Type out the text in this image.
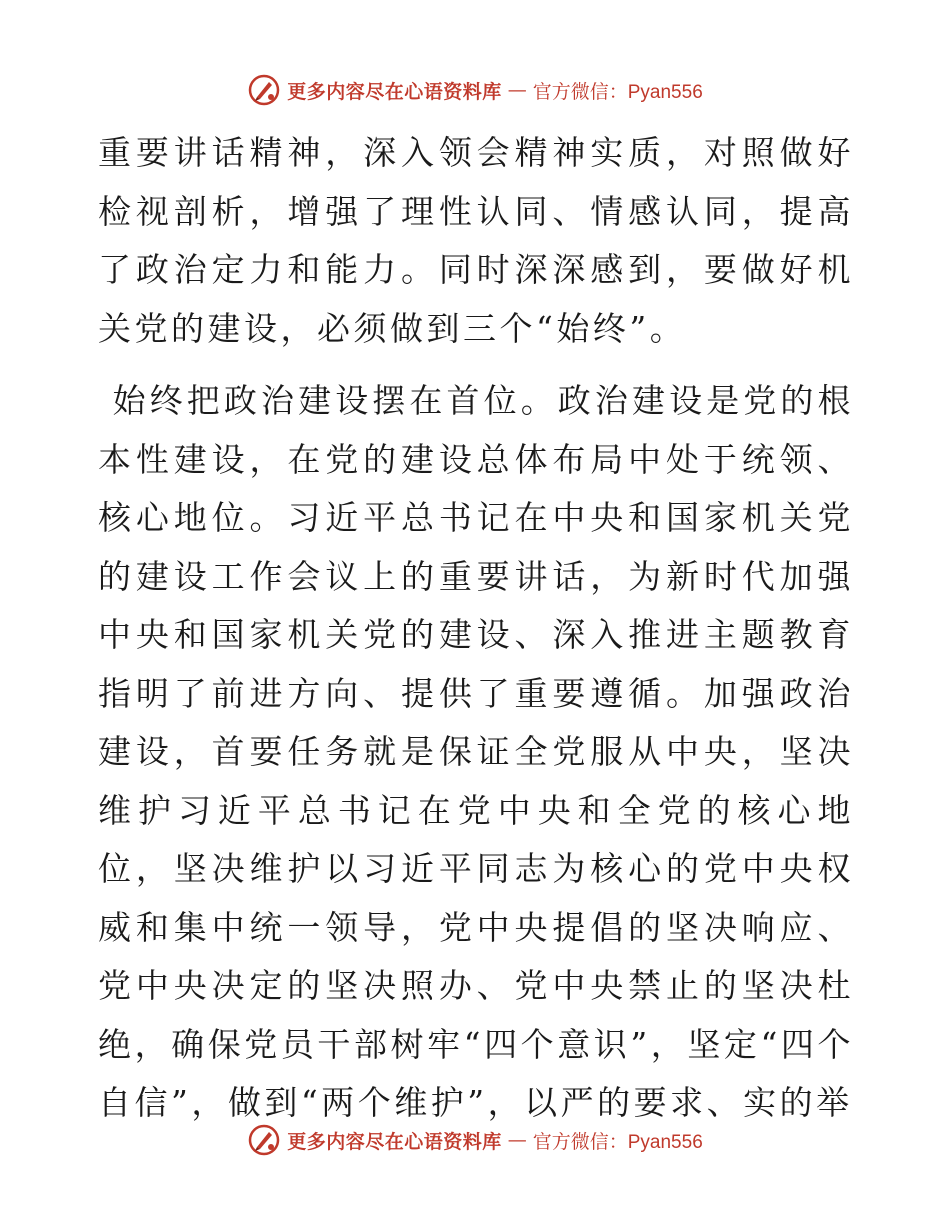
更多内容尽在心语资料库 — 官方微信：Pyan556

重要讲话精神，深入领会精神实质，对照做好检视剖析，增强了理性认同、情感认同，提高了政治定力和能力。同时深深感到，要做好机关党的建设，必须做到三个“始终”。

始终把政治建设摆在首位。政治建设是党的根本性建设，在党的建设总体布局中处于统领、核心地位。习近平总书记在中央和国家机关党的建设工作会议上的重要讲话，为新时代加强中央和国家机关党的建设、深入推进主题教育指明了前进方向、提供了重要遵循。加强政治建设，首要任务就是保证全党服从中央，坚决维护习近平总书记在党中央和全党的核心地位，坚决维护以习近平同志为核心的党中央权威和集中统一领导，党中央提倡的坚决响应、党中央决定的坚决照办、党中央禁止的坚决杜绝，确保党员干部树牢“四个意识”，坚定“四个自信”，做到“两个维护”，以严的要求、实的举

更多内容尽在心语资料库 — 官方微信：Pyan556
